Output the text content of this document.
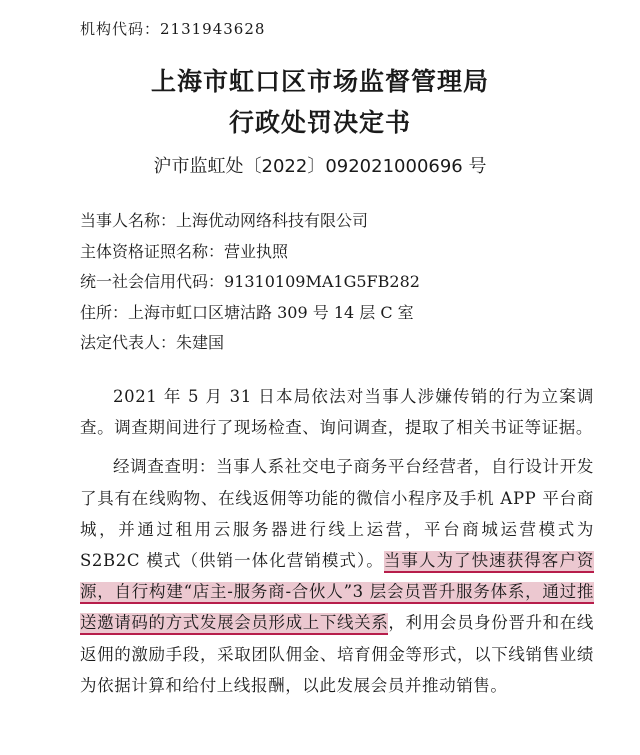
机构代码：2131943628
上海市虹口区市场监督管理局
行政处罚决定书
沪市监虹处〔2022〕092021000696 号
当事人名称：上海优动网络科技有限公司
主体资格证照名称：营业执照
统一社会信用代码：91310109MA1G5FB282
住所：上海市虹口区塘沽路 309 号 14 层 C 室
法定代表人：朱建国

2021 年 5 月 31 日本局依法对当事人涉嫌传销的行为立案调查。调查期间进行了现场检查、询问调查，提取了相关书证等证据。

经调查查明：当事人系社交电子商务平台经营者，自行设计开发了具有在线购物、在线返佣等功能的微信小程序及手机 APP 平台商城，并通过租用云服务器进行线上运营，平台商城运营模式为 S2B2C 模式（供销一体化营销模式）。当事人为了快速获得客户资源，自行构建“店主-服务商-合伙人”3 层会员晋升服务体系，通过推送邀请码的方式发展会员形成上下线关系，利用会员身份晋升和在线返佣的激励手段，采取团队佣金、培育佣金等形式，以下线销售业绩为依据计算和给付上线报酬，以此发展会员并推动销售。
